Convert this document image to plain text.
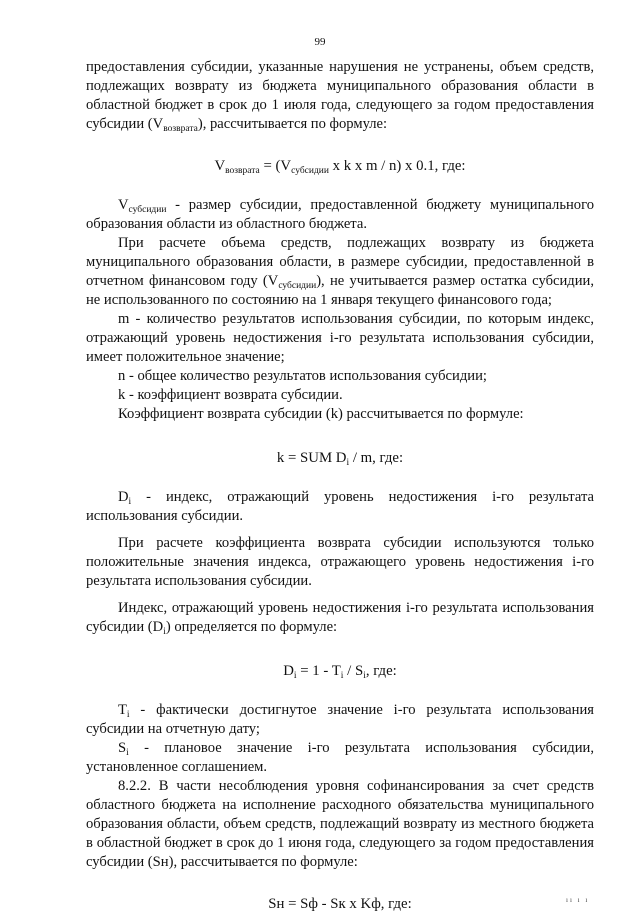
99

предоставления субсидии, указанные нарушения не устранены, объем средств, подлежащих возврату из бюджета муниципального образования области в областной бюджет в срок до 1 июля года, следующего за годом предоставления субсидии $(V_{возврата})$, рассчитывается по формуле:

$V_{возврата} = (V_{субсидии}$ x k x m / n) x 0.1, где:

$V_{субсидии}$ - размер субсидии, предоставленной бюджету муниципального образования области из областного бюджета.

При расчете объема средств, подлежащих возврату из бюджета муниципального образования области, в размере субсидии, предоставленной в отчетном финансовом году $(V_{субсидии})$, не учитывается размер остатка субсидии, не использованного по состоянию на 1 января текущего финансового года;

m - количество результатов использования субсидии, по которым индекс, отражающий уровень недостижения i-го результата использования субсидии, имеет положительное значение;

n - общее количество результатов использования субсидии;

k - коэффициент возврата субсидии.

Коэффициент возврата субсидии (k) рассчитывается по формуле:

k = SUM $D_i$ / m, где:

$D_i$ - индекс, отражающий уровень недостижения i-го результата использования субсидии.

При расчете коэффициента возврата субсидии используются только положительные значения индекса, отражающего уровень недостижения i-го результата использования субсидии.

Индекс, отражающий уровень недостижения i-го результата использования субсидии $(D_i)$ определяется по формуле:

$D_i = 1 - T_i / S_i$, где:

$T_i$ - фактически достигнутое значение i-го результата использования субсидии на отчетную дату;

$S_i$ - плановое значение i-го результата использования субсидии, установленное соглашением.

8.2.2. В части несоблюдения уровня софинансирования за счет средств областного бюджета на исполнение расходного обязательства муниципального образования области, объем средств, подлежащий возврату из местного бюджета в областной бюджет в срок до 1 июня года, следующего за годом предоставления субсидии (Sн), рассчитывается по формуле:

Sн = Sф - Sк x Kф, где:	ıı ı ı
